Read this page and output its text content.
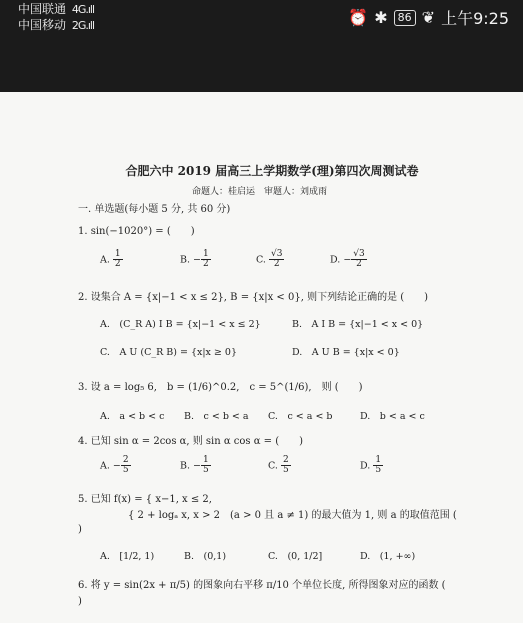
中国联通 4G.ıll
中国移动 2G.ıll	⏰ ✱ 86 ❦ 上午9:25
合肥六中 2019 届高三上学期数学(理)第四次周测试卷
命题人：桂启运　审题人：刘成雨
一. 单选题(每小题 5 分, 共 60 分)
1. sin(−1020°) = (　　)
A. $\frac{1}{2}$	B. − $\frac{1}{2}$	C. $\frac{√3}{2}$	D. − $\frac{√3}{2}$
2. 设集合 A = {x|−1 < x ≤ 2}, B = {x|x < 0}, 则下列结论正确的是 (　　)
A.　(C_R A) I B = {x|−1 < x ≤ 2}	B.　A I B = {x|−1 < x < 0}
C.　A U (C_R B) = {x|x ≥ 0}	D.　A U B = {x|x < 0}
3. 设 a = log₅ 6,　b = (1/6)^0.2,　c = 5^(1/6),　则 (　　)
A.　a < b < c B.　c < b < a C.　c < a < b	D.　b < a < c
4. 已知 sin α = 2cos α, 则 sin α cos α = (　　)
A. − $\frac{2}{5}$	B. − $\frac{1}{5}$	C. $\frac{2}{5}$	D. $\frac{1}{5}$
5. 已知 f(x) = { x−1, x ≤ 2,
　　　　　{ 2 + logₐ x, x > 2　(a > 0 且 a ≠ 1) 的最大值为 1, 则 a 的取值范围 (
)
A.　[1/2, 1)	B.　(0,1)	C.　(0, 1/2]	D.　(1, +∞)
6. 将 y = sin(2x + π/5) 的图象向右平移 π/10 个单位长度, 所得图象对应的函数 (
)
